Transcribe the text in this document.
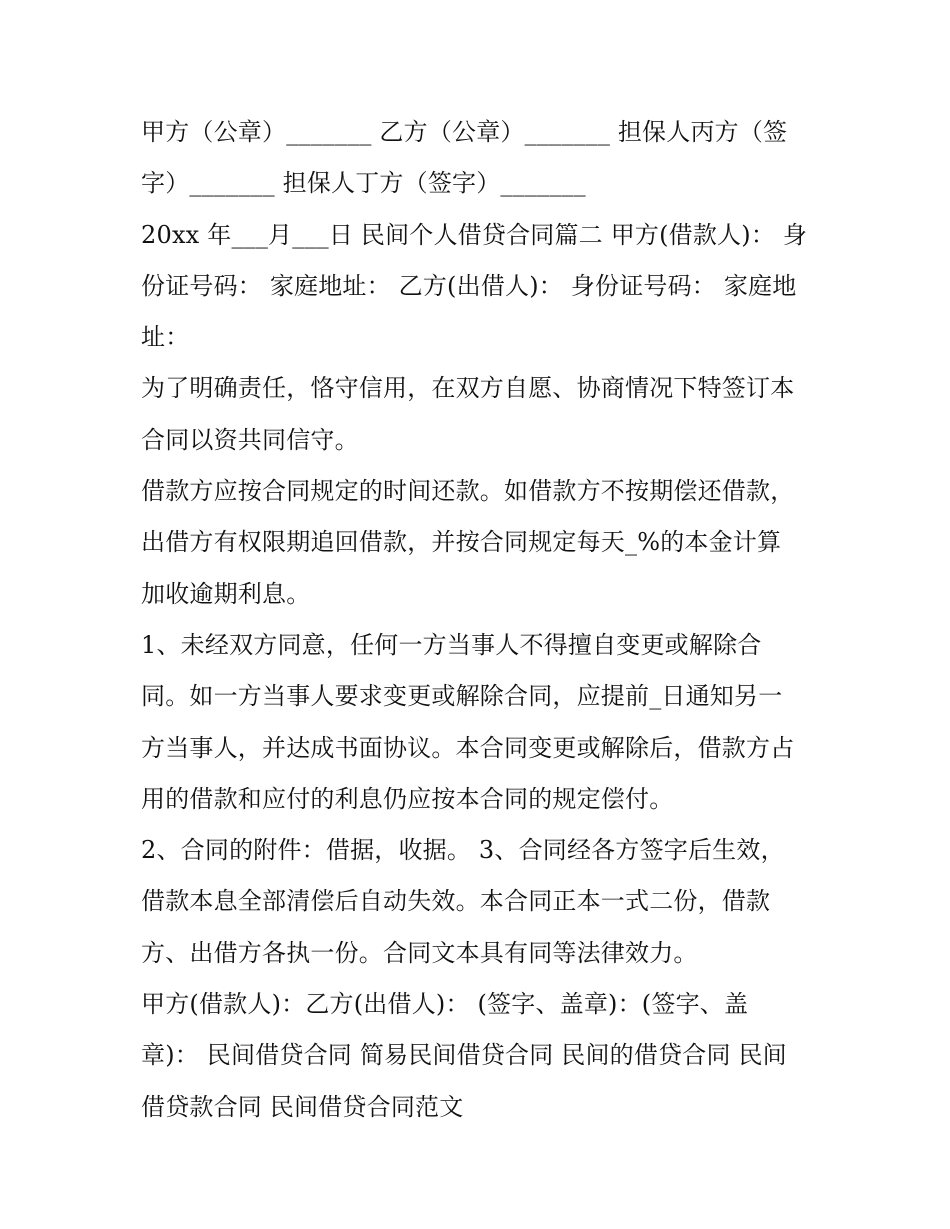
甲方（公章）_______ 乙方（公章）_______ 担保人丙方（签
字）_______ 担保人丁方（签字）_______
20xx 年___月___日 民间个人借贷合同篇二 甲方(借款人)： 身
份证号码： 家庭地址： 乙方(出借人)： 身份证号码： 家庭地
址：
为了明确责任，恪守信用，在双方自愿、协商情况下特签订本
合同以资共同信守。
借款方应按合同规定的时间还款。如借款方不按期偿还借款，
出借方有权限期追回借款，并按合同规定每天_%的本金计算
加收逾期利息。
1、未经双方同意，任何一方当事人不得擅自变更或解除合
同。如一方当事人要求变更或解除合同，应提前_日通知另一
方当事人，并达成书面协议。本合同变更或解除后，借款方占
用的借款和应付的利息仍应按本合同的规定偿付。
2、合同的附件：借据，收据。 3、合同经各方签字后生效，
借款本息全部清偿后自动失效。本合同正本一式二份，借款
方、出借方各执一份。合同文本具有同等法律效力。
甲方(借款人)：乙方(出借人)： (签字、盖章)：(签字、盖
章)： 民间借贷合同 简易民间借贷合同 民间的借贷合同 民间
借贷款合同 民间借贷合同范文
